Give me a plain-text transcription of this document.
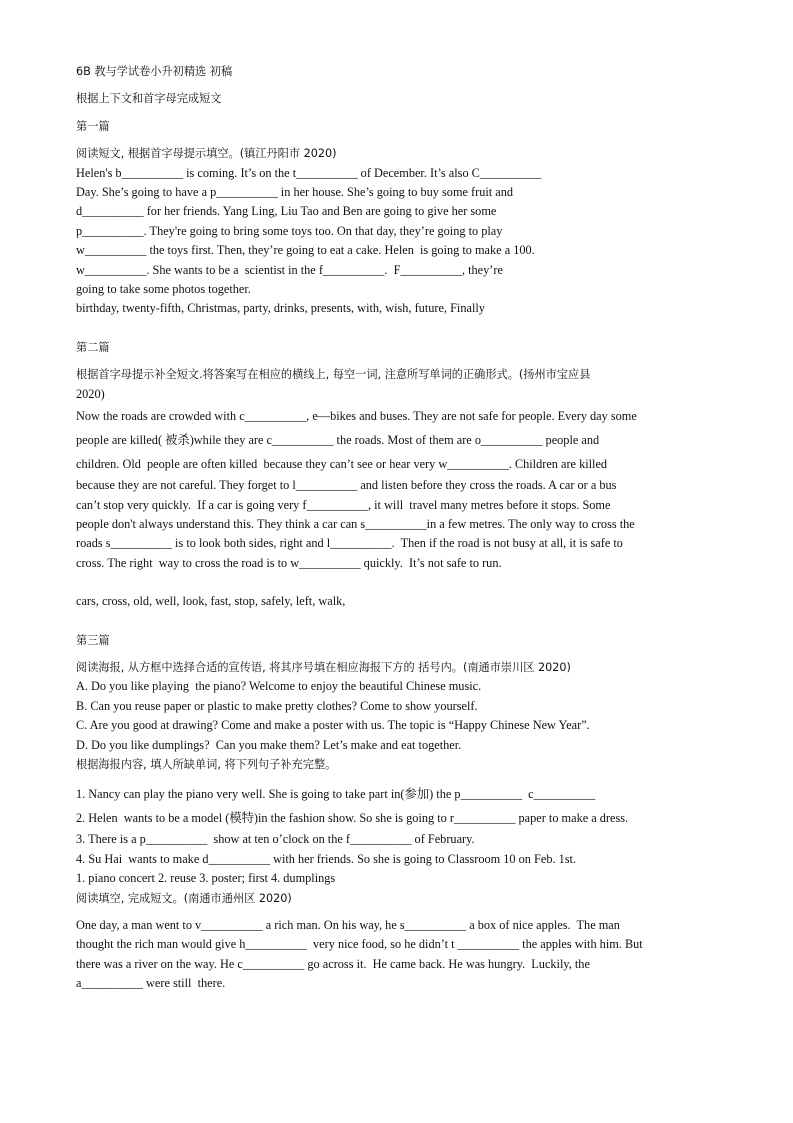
6B 教与学试卷小升初精选 初稿

根据上下文和首字母完成短文

第一篇

阅读短文, 根据首字母提示填空。(镇江丹阳市 2020)

Helen's b__________ is coming. It’s on the t__________ of December. It’s also C__________

Day. She’s going to have a p__________ in her house. She’s going to buy some fruit and

d__________ for her friends. Yang Ling, Liu Tao and Ben are going to give her some

p__________. They're going to bring some toys too. On that day, they’re going to play

w__________ the toys first. Then, they’re going to eat a cake. Helen  is going to make a 100.

w__________. She wants to be a  scientist in the f__________.  F__________, they’re

going to take some photos together.

birthday, twenty-fifth, Christmas, party, drinks, presents, with, wish, future, Finally

第二篇

根据首字母提示补全短文.将答案写在相应的横线上, 每空一词, 注意所写单词的正确形式。(扬州市宝应县

2020)

Now the roads are crowded with c__________, e—bikes and buses. They are not safe for people. Every day some

people are killed( 被杀)while they are c__________ the roads. Most of them are o__________ people and

children. Old  people are often killed  because they can’t see or hear very w__________. Children are killed

because they are not careful. They forget to l__________ and listen before they cross the roads. A car or a bus

can’t stop very quickly.  If a car is going very f__________, it will  travel many metres before it stops. Some

people don't always understand this. They think a car can s__________in a few metres. The only way to cross the

roads s__________ is to look both sides, right and l__________.  Then if the road is not busy at all, it is safe to

cross. The right  way to cross the road is to w__________ quickly.  It’s not safe to run.

cars, cross, old, well, look, fast, stop, safely, left, walk,

第三篇

阅读海报, 从方框中选择合适的宣传语, 将其序号填在相应海报下方的 括号内。(南通市崇川区 2020)

A. Do you like playing  the piano? Welcome to enjoy the beautiful Chinese music.

B. Can you reuse paper or plastic to make pretty clothes? Come to show yourself.

C. Are you good at drawing? Come and make a poster with us. The topic is “Happy Chinese New Year”.

D. Do you like dumplings?  Can you make them? Let’s make and eat together.

根据海报内容, 填人所缺单词, 将下列句子补充完整。

1. Nancy can play the piano very well. She is going to take part in(参加) the p__________  c__________

2. Helen  wants to be a model (模特)in the fashion show. So she is going to r__________ paper to make a dress.

3. There is a p__________  show at ten o’clock on the f__________ of February.

4. Su Hai  wants to make d__________ with her friends. So she is going to Classroom 10 on Feb. 1st.

1. piano concert 2. reuse 3. poster; first 4. dumplings

阅读填空, 完成短文。(南通市通州区 2020)

One day, a man went to v__________ a rich man. On his way, he s__________ a box of nice apples.  The man

thought the rich man would give h__________  very nice food, so he didn’t t __________ the apples with him. But

there was a river on the way. He c__________ go across it.  He came back. He was hungry.  Luckily, the

a__________ were still  there.
